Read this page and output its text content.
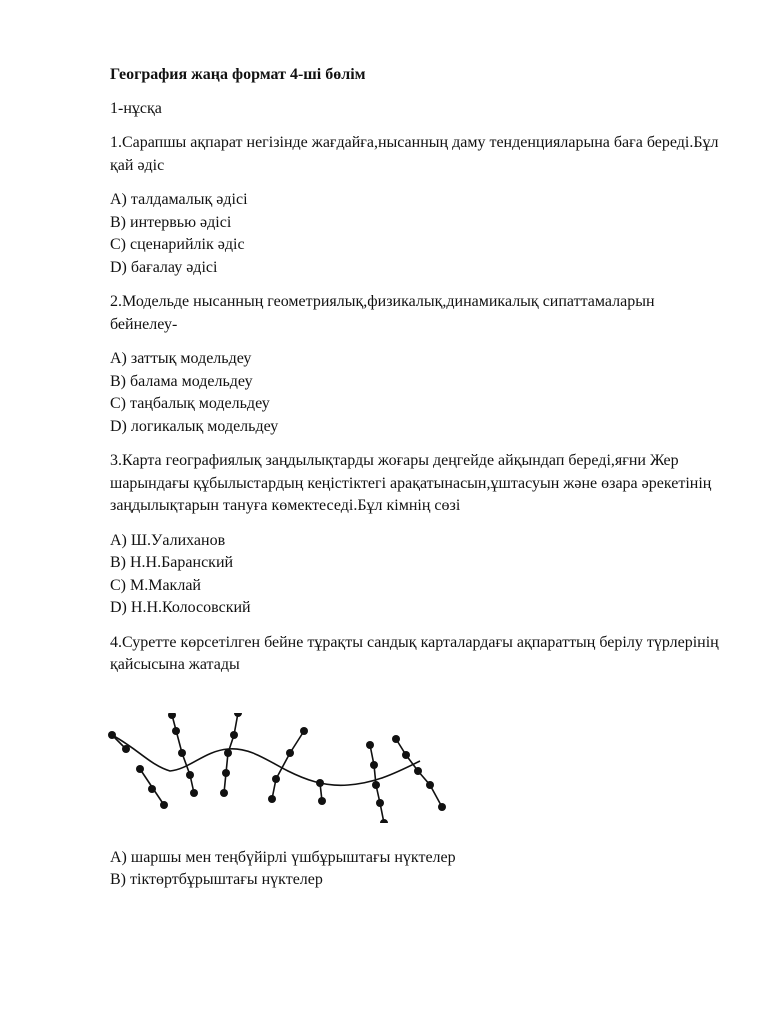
География жаңа формат 4-ші бөлім
1-нұсқа
1.Сарапшы ақпарат негізінде жағдайға,нысанның даму тенденцияларына баға береді.Бұл қай әдіс
A) талдамалық әдісі
B) интервью әдісі
C) сценарийлік әдіс
D) бағалау әдісі
2.Модельде нысанның геометриялық,физикалық,динамикалық сипаттамаларын бейнелеу-
A) заттық модельдеу
B) балама модельдеу
C) таңбалық модельдеу
D) логикалық модельдеу
3.Карта географиялық заңдылықтарды жоғары деңгейде айқындап береді,яғни Жер шарындағы құбылыстардың кеңістіктегі арақатынасын,ұштасуын және өзара әрекетінің заңдылықтарын тануға көмектеседі.Бұл кімнің сөзі
A) Ш.Уалиханов
B) Н.Н.Баранский
C) М.Маклай
D) Н.Н.Колосовский
4.Суретте көрсетілген бейне тұрақты сандық карталардағы ақпараттың берілу түрлерінің қайсысына жатады
A) шаршы мен теңбүйірлі үшбұрыштағы нүктелер
B) тіктөртбұрыштағы нүктелер
